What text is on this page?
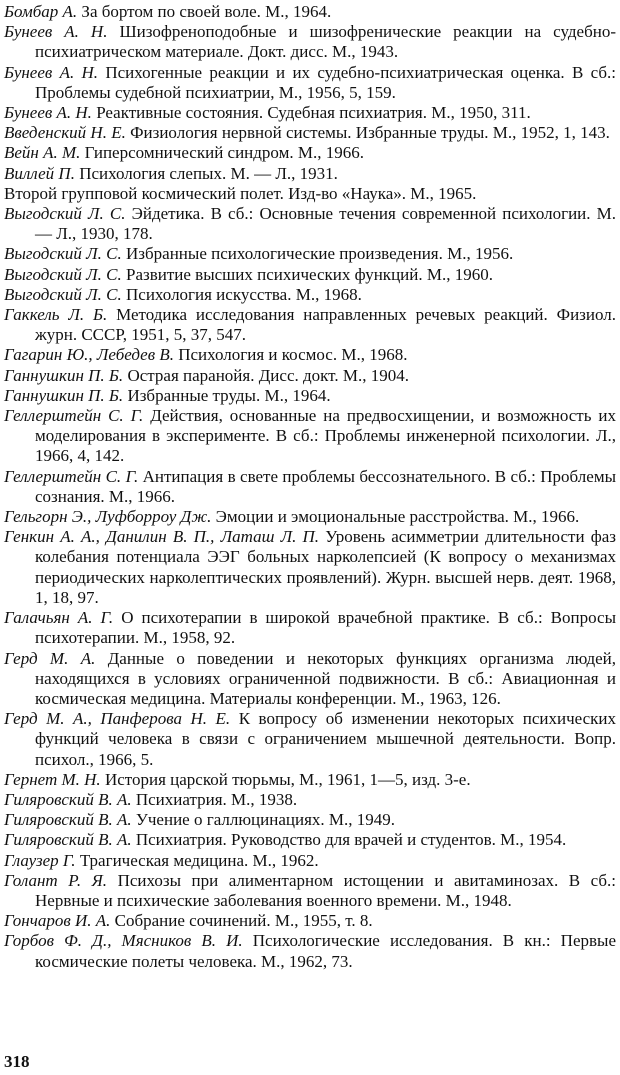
Бомбар А. За бортом по своей воле. М., 1964.

Бунеев А. Н. Шизофреноподобные и шизофренические реакции на судебно-психиатрическом материале. Докт. дисс. М., 1943.

Бунеев А. Н. Психогенные реакции и их судебно-психиатрическая оценка. В сб.: Проблемы судебной психиатрии, М., 1956, 5, 159.

Бунеев А. Н. Реактивные состояния. Судебная психиатрия. М., 1950, 311.

Введенский Н. Е. Физиология нервной системы. Избранные труды. М., 1952, 1, 143.

Вейн А. М. Гиперсомнический синдром. М., 1966.

Виллей П. Психология слепых. М. — Л., 1931.

Второй групповой космический полет. Изд-во «Наука». М., 1965.

Выгодский Л. С. Эйдетика. В сб.: Основные течения современной психологии. М. — Л., 1930, 178.

Выгодский Л. С. Избранные психологические произведения. М., 1956.

Выгодский Л. С. Развитие высших психических функций. М., 1960.

Выгодский Л. С. Психология искусства. М., 1968.

Гаккель Л. Б. Методика исследования направленных речевых реакций. Физиол. журн. СССР, 1951, 5, 37, 547.

Гагарин Ю., Лебедев В. Психология и космос. М., 1968.

Ганнушкин П. Б. Острая паранойя. Дисс. докт. М., 1904.

Ганнушкин П. Б. Избранные труды. М., 1964.

Геллерштейн С. Г. Действия, основанные на предвосхищении, и возможность их моделирования в эксперименте. В сб.: Проблемы инженерной психологии. Л., 1966, 4, 142.

Геллерштейн С. Г. Антипация в свете проблемы бессознательного. В сб.: Проблемы сознания. М., 1966.

Гельгорн Э., Луфборроу Дж. Эмоции и эмоциональные расстройства. М., 1966.

Генкин А. А., Данилин В. П., Латаш Л. П. Уровень асимметрии длительности фаз колебания потенциала ЭЭГ больных нарколепсией (К вопросу о механизмах периодических нарколептических проявлений). Журн. высшей нерв. деят. 1968, 1, 18, 97.

Галачьян А. Г. О психотерапии в широкой врачебной практике. В сб.: Вопросы психотерапии. М., 1958, 92.

Герд М. А. Данные о поведении и некоторых функциях организма людей, находящихся в условиях ограниченной подвижности. В сб.: Авиационная и космическая медицина. Материалы конференции. М., 1963, 126.

Герд М. А., Панферова Н. Е. К вопросу об изменении некоторых психических функций человека в связи с ограничением мышечной деятельности. Вопр. психол., 1966, 5.

Гернет М. Н. История царской тюрьмы, М., 1961, 1—5, изд. 3-е.

Гиляровский В. А. Психиатрия. М., 1938.

Гиляровский В. А. Учение о галлюцинациях. М., 1949.

Гиляровский В. А. Психиатрия. Руководство для врачей и студентов. М., 1954.

Глаузер Г. Трагическая медицина. М., 1962.

Голант Р. Я. Психозы при алиментарном истощении и авитаминозах. В сб.: Нервные и психические заболевания военного времени. М., 1948.

Гончаров И. А. Собрание сочинений. М., 1955, т. 8.

Горбов Ф. Д., Мясников В. И. Психологические исследования. В кн.: Первые космические полеты человека. М., 1962, 73.

318
